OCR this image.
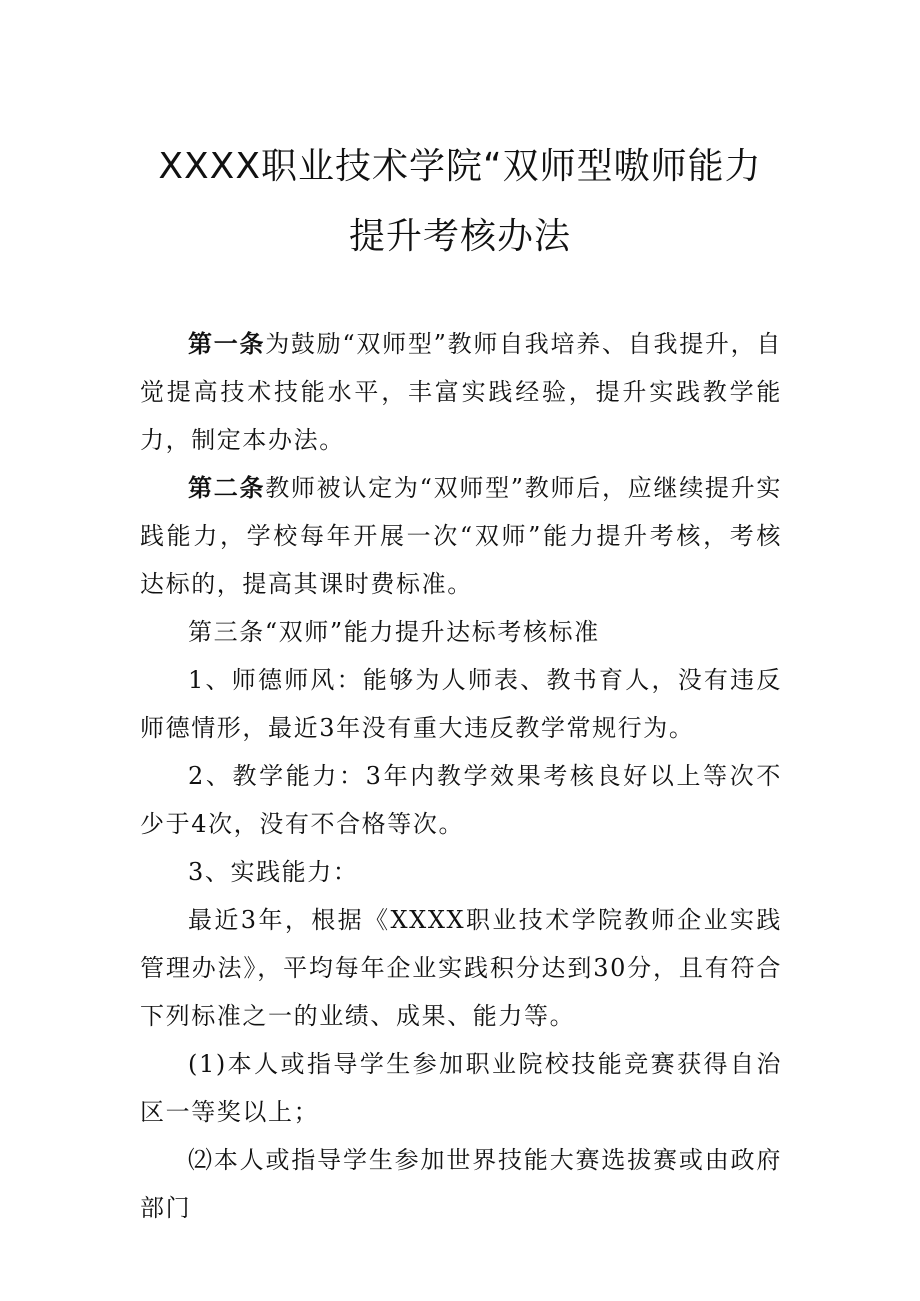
XXXX职业技术学院“双师型嗷师能力
提升考核办法

第一条为鼓励“双师型”教师自我培养、自我提升，自觉提高技术技能水平，丰富实践经验，提升实践教学能力，制定本办法。

第二条教师被认定为“双师型”教师后，应继续提升实践能力，学校每年开展一次“双师”能力提升考核，考核达标的，提高其课时费标准。

第三条“双师”能力提升达标考核标准

1、师德师风：能够为人师表、教书育人，没有违反师德情形，最近3年没有重大违反教学常规行为。

2、教学能力：3年内教学效果考核良好以上等次不少于4次，没有不合格等次。

3、实践能力：

最近3年，根据《XXXX职业技术学院教师企业实践管理办法》，平均每年企业实践积分达到30分，且有符合下列标准之一的业绩、成果、能力等。

(1)本人或指导学生参加职业院校技能竞赛获得自治区一等奖以上；

⑵本人或指导学生参加世界技能大赛选拔赛或由政府部门
